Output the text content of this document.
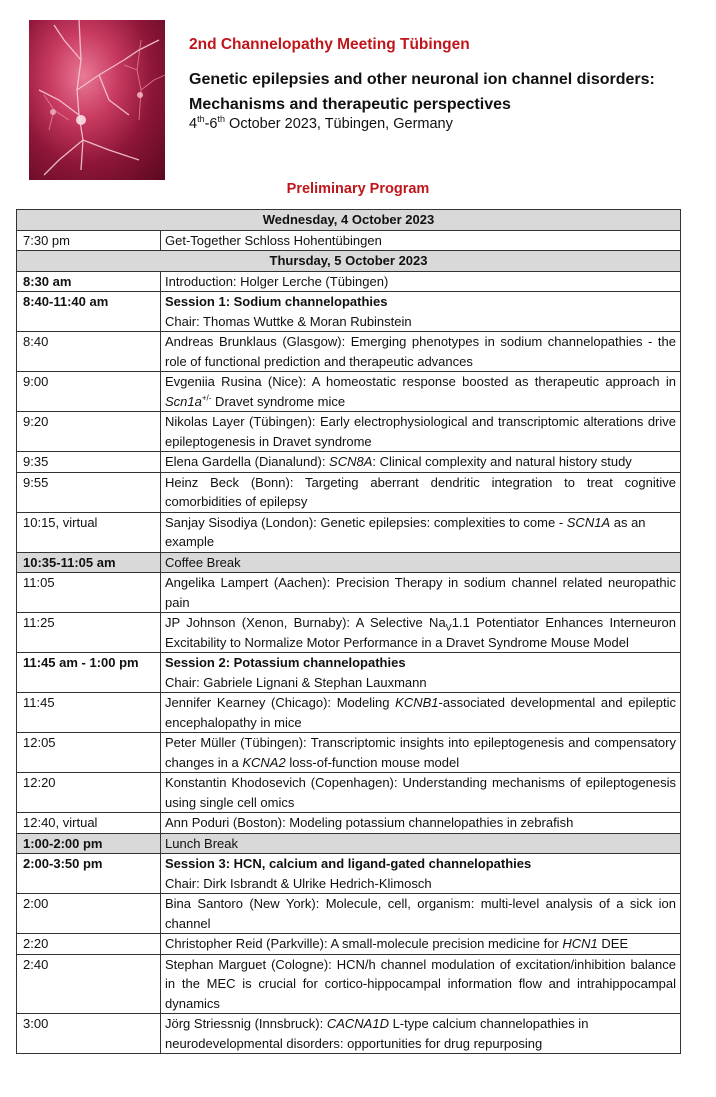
2nd Channelopathy Meeting Tübingen
Genetic epilepsies and other neuronal ion channel disorders:
Mechanisms and therapeutic perspectives
4th-6th October 2023, Tübingen, Germany
Preliminary Program
Wednesday, 4 October 2023	
7:30 pm	Get-Together Schloss Hohentübingen
Thursday, 5 October 2023	
8:30 am	Introduction: Holger Lerche (Tübingen)
8:40-11:40 am	Session 1: Sodium channelopathies
Chair: Thomas Wuttke & Moran Rubinstein

8:40	Andreas Brunklaus (Glasgow): Emerging phenotypes in sodium channelopathies - the role of functional prediction and therapeutic advances
9:00	Evgeniia Rusina (Nice): A homeostatic response boosted as therapeutic approach in Scn1a+/- Dravet syndrome mice
9:20	Nikolas Layer (Tübingen): Early electrophysiological and transcriptomic alterations drive epileptogenesis in Dravet syndrome
9:35	Elena Gardella (Dianalund): SCN8A: Clinical complexity and natural history study
9:55	Heinz Beck (Bonn): Targeting aberrant dendritic integration to treat cognitive comorbidities of epilepsy
10:15, virtual	Sanjay Sisodiya (London): Genetic epilepsies: complexities to come - SCN1A as an example
10:35-11:05 am	Coffee Break
11:05	Angelika Lampert (Aachen): Precision Therapy in sodium channel related neuropathic pain
11:25	JP Johnson (Xenon, Burnaby): A Selective $Na_V1.1$ Potentiator Enhances Interneuron Excitability to Normalize Motor Performance in a Dravet Syndrome Mouse Model
11:45 am - 1:00 pm	Session 2: Potassium channelopathies
Chair: Gabriele Lignani & Stephan Lauxmann

11:45	Jennifer Kearney (Chicago): Modeling KCNB1-associated developmental and epileptic encephalopathy in mice
12:05	Peter Müller (Tübingen): Transcriptomic insights into epileptogenesis and compensatory changes in a KCNA2 loss-of-function mouse model
12:20	Konstantin Khodosevich (Copenhagen): Understanding mechanisms of epileptogenesis using single cell omics
12:40, virtual	Ann Poduri (Boston): Modeling potassium channelopathies in zebrafish
1:00-2:00 pm	Lunch Break
2:00-3:50 pm	Session 3: HCN, calcium and ligand-gated channelopathies
Chair: Dirk Isbrandt & Ulrike Hedrich-Klimosch

2:00	Bina Santoro (New York): Molecule, cell, organism: multi-level analysis of a sick ion channel
2:20	Christopher Reid (Parkville): A small-molecule precision medicine for HCN1 DEE
2:40	Stephan Marguet (Cologne): HCN/h channel modulation of excitation/inhibition balance in the MEC is crucial for cortico-hippocampal information flow and intrahippocampal dynamics
3:00	Jörg Striessnig (Innsbruck): CACNA1D L-type calcium channelopathies in neurodevelopmental disorders: opportunities for drug repurposing
